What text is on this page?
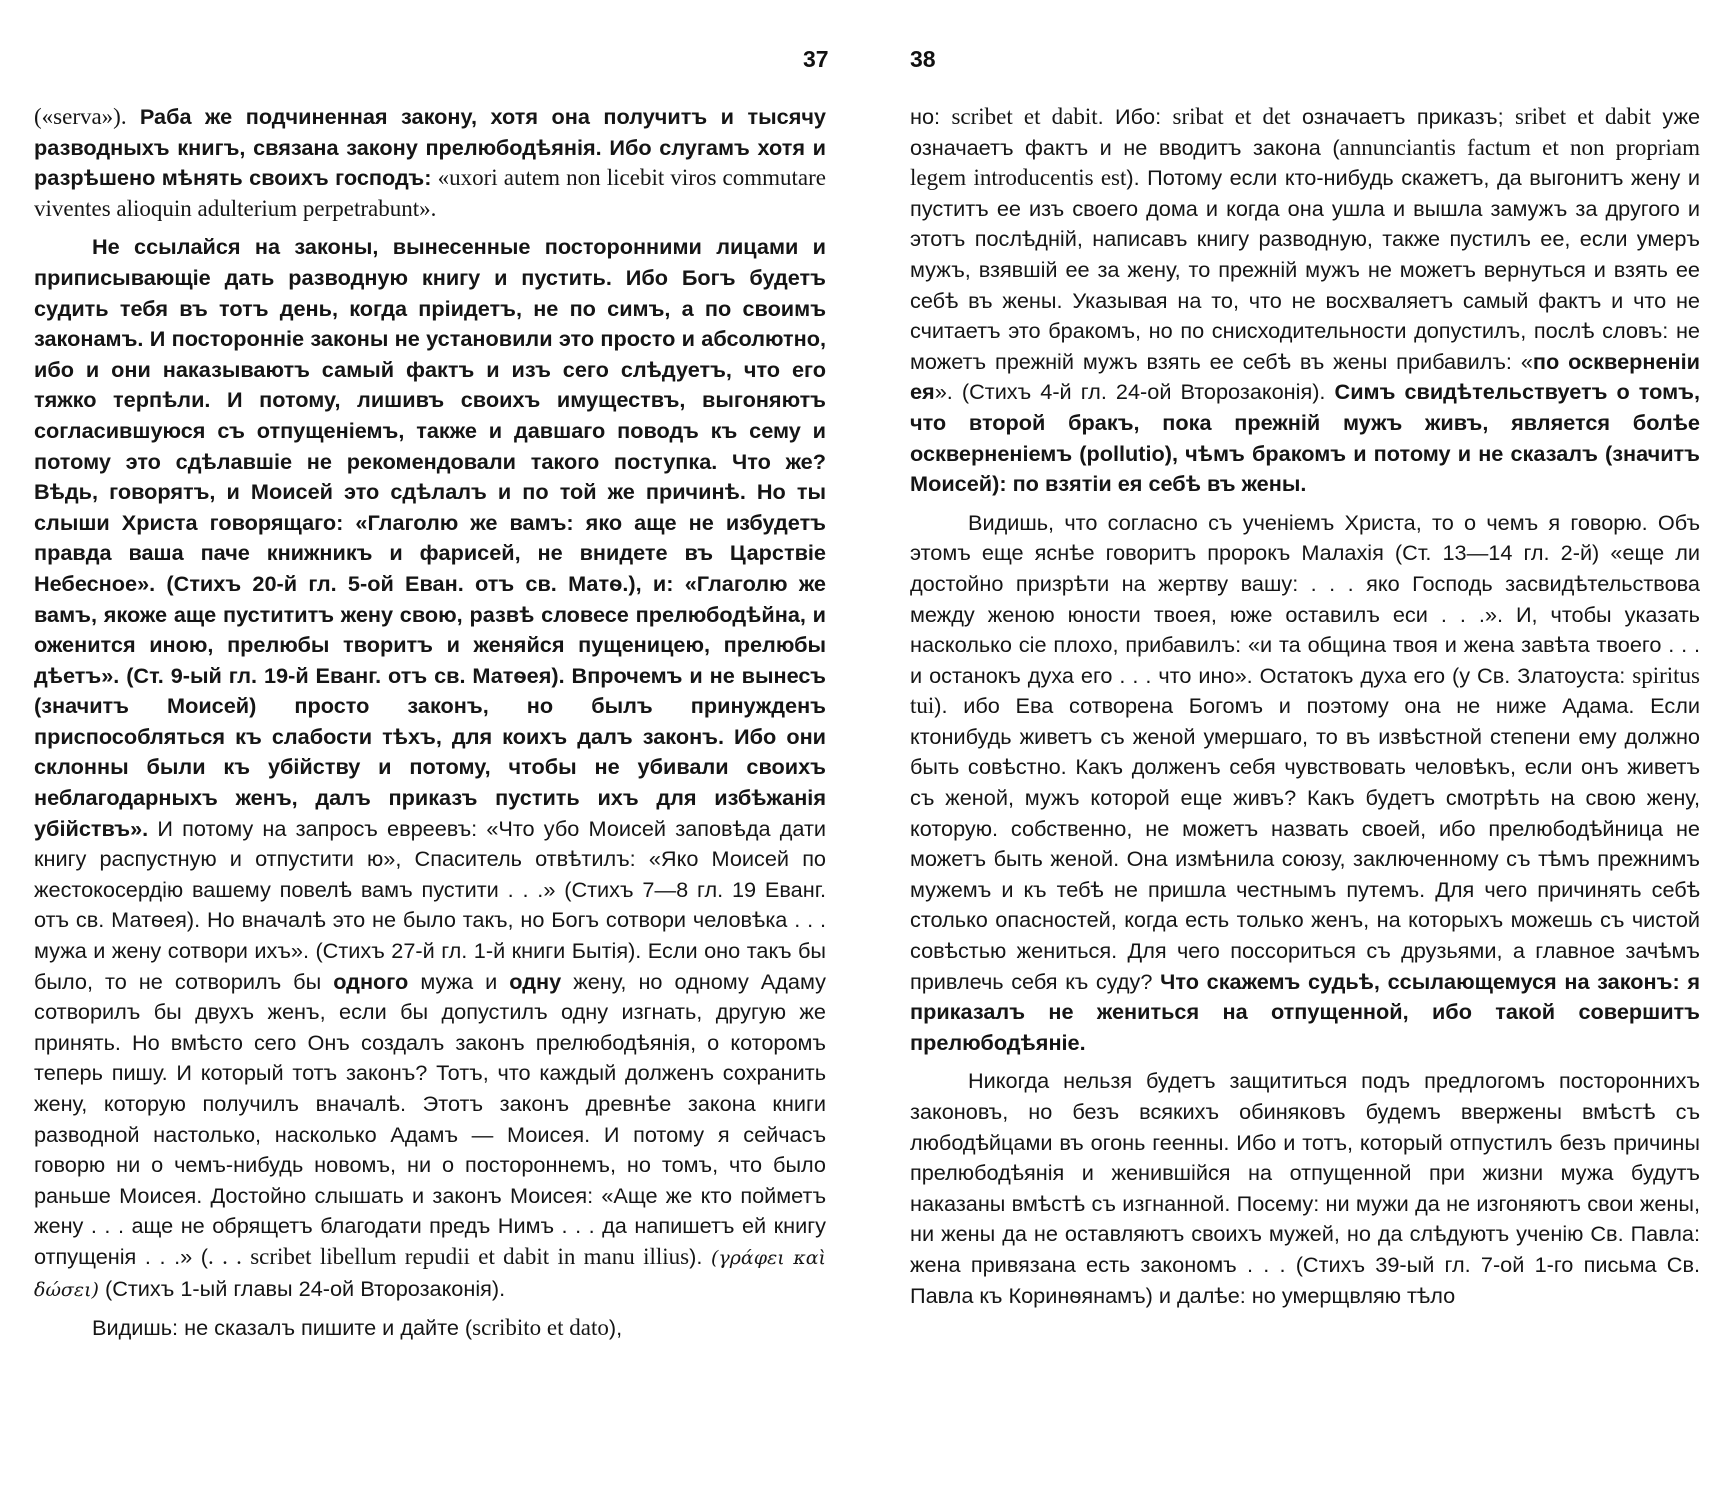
37	38

(«serva»). Раба же подчиненная закону, хотя она получитъ и тысячу разводныхъ книгъ, связана закону прелюбодѣянія. Ибо слугамъ хотя и разрѣшено мѣнять своихъ господъ: «uxori autem non licebit viros commutare viventes alioquin adulterium perpetrabunt».

Не ссылайся на законы, вынесенные посторонними лицами и приписывающіе дать разводную книгу и пустить. Ибо Богъ будетъ судить тебя въ тотъ день, когда пріидетъ, не по симъ, а по своимъ законамъ. И посторонніе законы не установили это просто и абсолютно, ибо и они наказываютъ самый фактъ и изъ сего слѣдуетъ, что его тяжко терпѣли. И потому, лишивъ своихъ имуществъ, выгоняютъ согласившуюся съ отпущеніемъ, также и давшаго поводъ къ сему и потому это сдѣлавшіе не рекомендовали такого поступка. Что же? Вѣдь, говорятъ, и Моисей это сдѣлалъ и по той же причинѣ. Но ты слыши Христа говорящаго: «Глаголю же вамъ: яко аще не избудетъ правда ваша паче книжникъ и фарисей, не внидете въ Царствіе Небесное». (Стихъ 20-й гл. 5-ой Еван. отъ св. Матѳ.), и: «Глаголю же вамъ, якоже аще пустититъ жену свою, развѣ словесе прелюбодѣйна, и оженится иною, прелюбы творитъ и женяйся пущеницею, прелюбы дѣетъ». (Ст. 9-ый гл. 19-й Еванг. отъ св. Матѳея). Впрочемъ и не вынесъ (значитъ Моисей) просто законъ, но былъ принужденъ приспособляться къ слабости тѣхъ, для коихъ далъ законъ. Ибо они склонны были къ убійству и потому, чтобы не убивали своихъ неблагодарныхъ женъ, далъ приказъ пустить ихъ для избѣжанія убійствъ». И потому на запросъ евреевъ: «Что убо Моисей заповѣда дати книгу распустную и отпустити ю», Спаситель отвѣтилъ: «Яко Моисей по жестокосердію вашему повелѣ вамъ пустити . . .» (Стихъ 7—8 гл. 19 Еванг. отъ св. Матѳея). Но вначалѣ это не было такъ, но Богъ сотвори человѣка . . . мужа и жену сотвори ихъ». (Стихъ 27-й гл. 1-й книги Бытія). Если оно такъ бы было, то не сотворилъ бы одного мужа и одну жену, но одному Адаму сотворилъ бы двухъ женъ, если бы допустилъ одну изгнать, другую же принять. Но вмѣсто сего Онъ создалъ законъ прелюбодѣянія, о которомъ теперь пишу. И который тотъ законъ? Тотъ, что каждый долженъ сохранить жену, которую получилъ вначалѣ. Этотъ законъ древнѣе закона книги разводной настолько, насколько Адамъ — Моисея. И потому я сейчасъ говорю ни о чемъ-нибудь новомъ, ни о постороннемъ, но томъ, что было раньше Моисея. Достойно слышать и законъ Моисея: «Аще же кто пойметъ жену . . . аще не обрящетъ благодати предъ Нимъ . . . да напишетъ ей книгу отпущенія . . .» (. . . scribet libellum repudii et dabit in manu illius). (γράφει καὶ δώσει) (Стихъ 1-ый главы 24-ой Второзаконія).

Видишь: не сказалъ пишите и дайте (scribito et dato),

но: scribet et dabit. Ибо: sribat et det означаетъ приказъ; sribet et dabit уже означаетъ фактъ и не вводитъ закона (annunciantis factum et non propriam legem introducentis est). Потому если кто-нибудь скажетъ, да выгонитъ жену и пуститъ ее изъ своего дома и когда она ушла и вышла замужъ за другого и этотъ послѣдній, написавъ книгу разводную, также пустилъ ее, если умеръ мужъ, взявшій ее за жену, то прежній мужъ не можетъ вернуться и взять ее себѣ въ жены. Указывая на то, что не восхваляетъ самый фактъ и что не считаетъ это бракомъ, но по снисходительности допустилъ, послѣ словъ: не можетъ прежній мужъ взять ее себѣ въ жены прибавилъ: «по оскверненіи ея». (Стихъ 4-й гл. 24-ой Второзаконія). Симъ свидѣтельствуетъ о томъ, что второй бракъ, пока прежній мужъ живъ, является болѣе оскверненіемъ (pollutio), чѣмъ бракомъ и потому и не сказалъ (значитъ Моисей): по взятіи ея себѣ въ жены.

Видишь, что согласно съ ученіемъ Христа, то о чемъ я говорю. Объ этомъ еще яснѣе говоритъ пророкъ Малахія (Ст. 13—14 гл. 2-й) «еще ли достойно призрѣти на жертву вашу: . . . яко Господь засвидѣтельствова между женою юности твоея, юже оставилъ еси . . .». И, чтобы указать насколько сіе плохо, прибавилъ: «и та община твоя и жена завѣта твоего . . . и останокъ духа его . . . что ино». Остатокъ духа его (у Св. Златоуста: spiritus tui). ибо Ева сотворена Богомъ и поэтому она не ниже Адама. Если ктонибудь живетъ съ женой умершаго, то въ извѣстной степени ему должно быть совѣстно. Какъ долженъ себя чувствовать человѣкъ, если онъ живетъ съ женой, мужъ которой еще живъ? Какъ будетъ смотрѣть на свою жену, которую. собственно, не можетъ назвать своей, ибо прелюбодѣйница не можетъ быть женой. Она измѣнила союзу, заключенному съ тѣмъ прежнимъ мужемъ и къ тебѣ не пришла честнымъ путемъ. Для чего причинять себѣ столько опасностей, когда есть только женъ, на которыхъ можешь съ чистой совѣстью жениться. Для чего поссориться съ друзьями, а главное зачѣмъ привлечь себя къ суду? Что скажемъ судьѣ, ссылающемуся на законъ: я приказалъ не жениться на отпущенной, ибо такой совершитъ прелюбодѣяніе.

Никогда нельзя будетъ защититься подъ предлогомъ постороннихъ законовъ, но безъ всякихъ обиняковъ будемъ ввержены вмѣстѣ съ любодѣйцами въ огонь геенны. Ибо и тотъ, который отпустилъ безъ причины прелюбодѣянія и женившійся на отпущенной при жизни мужа будутъ наказаны вмѣстѣ съ изгнанной. Посему: ни мужи да не изгоняютъ свои жены, ни жены да не оставляютъ своихъ мужей, но да слѣдуютъ ученію Св. Павла: жена привязана есть закономъ . . . (Стихъ 39-ый гл. 7-ой 1-го письма Св. Павла къ Коринѳянамъ) и далѣе: но умерщвляю тѣло
